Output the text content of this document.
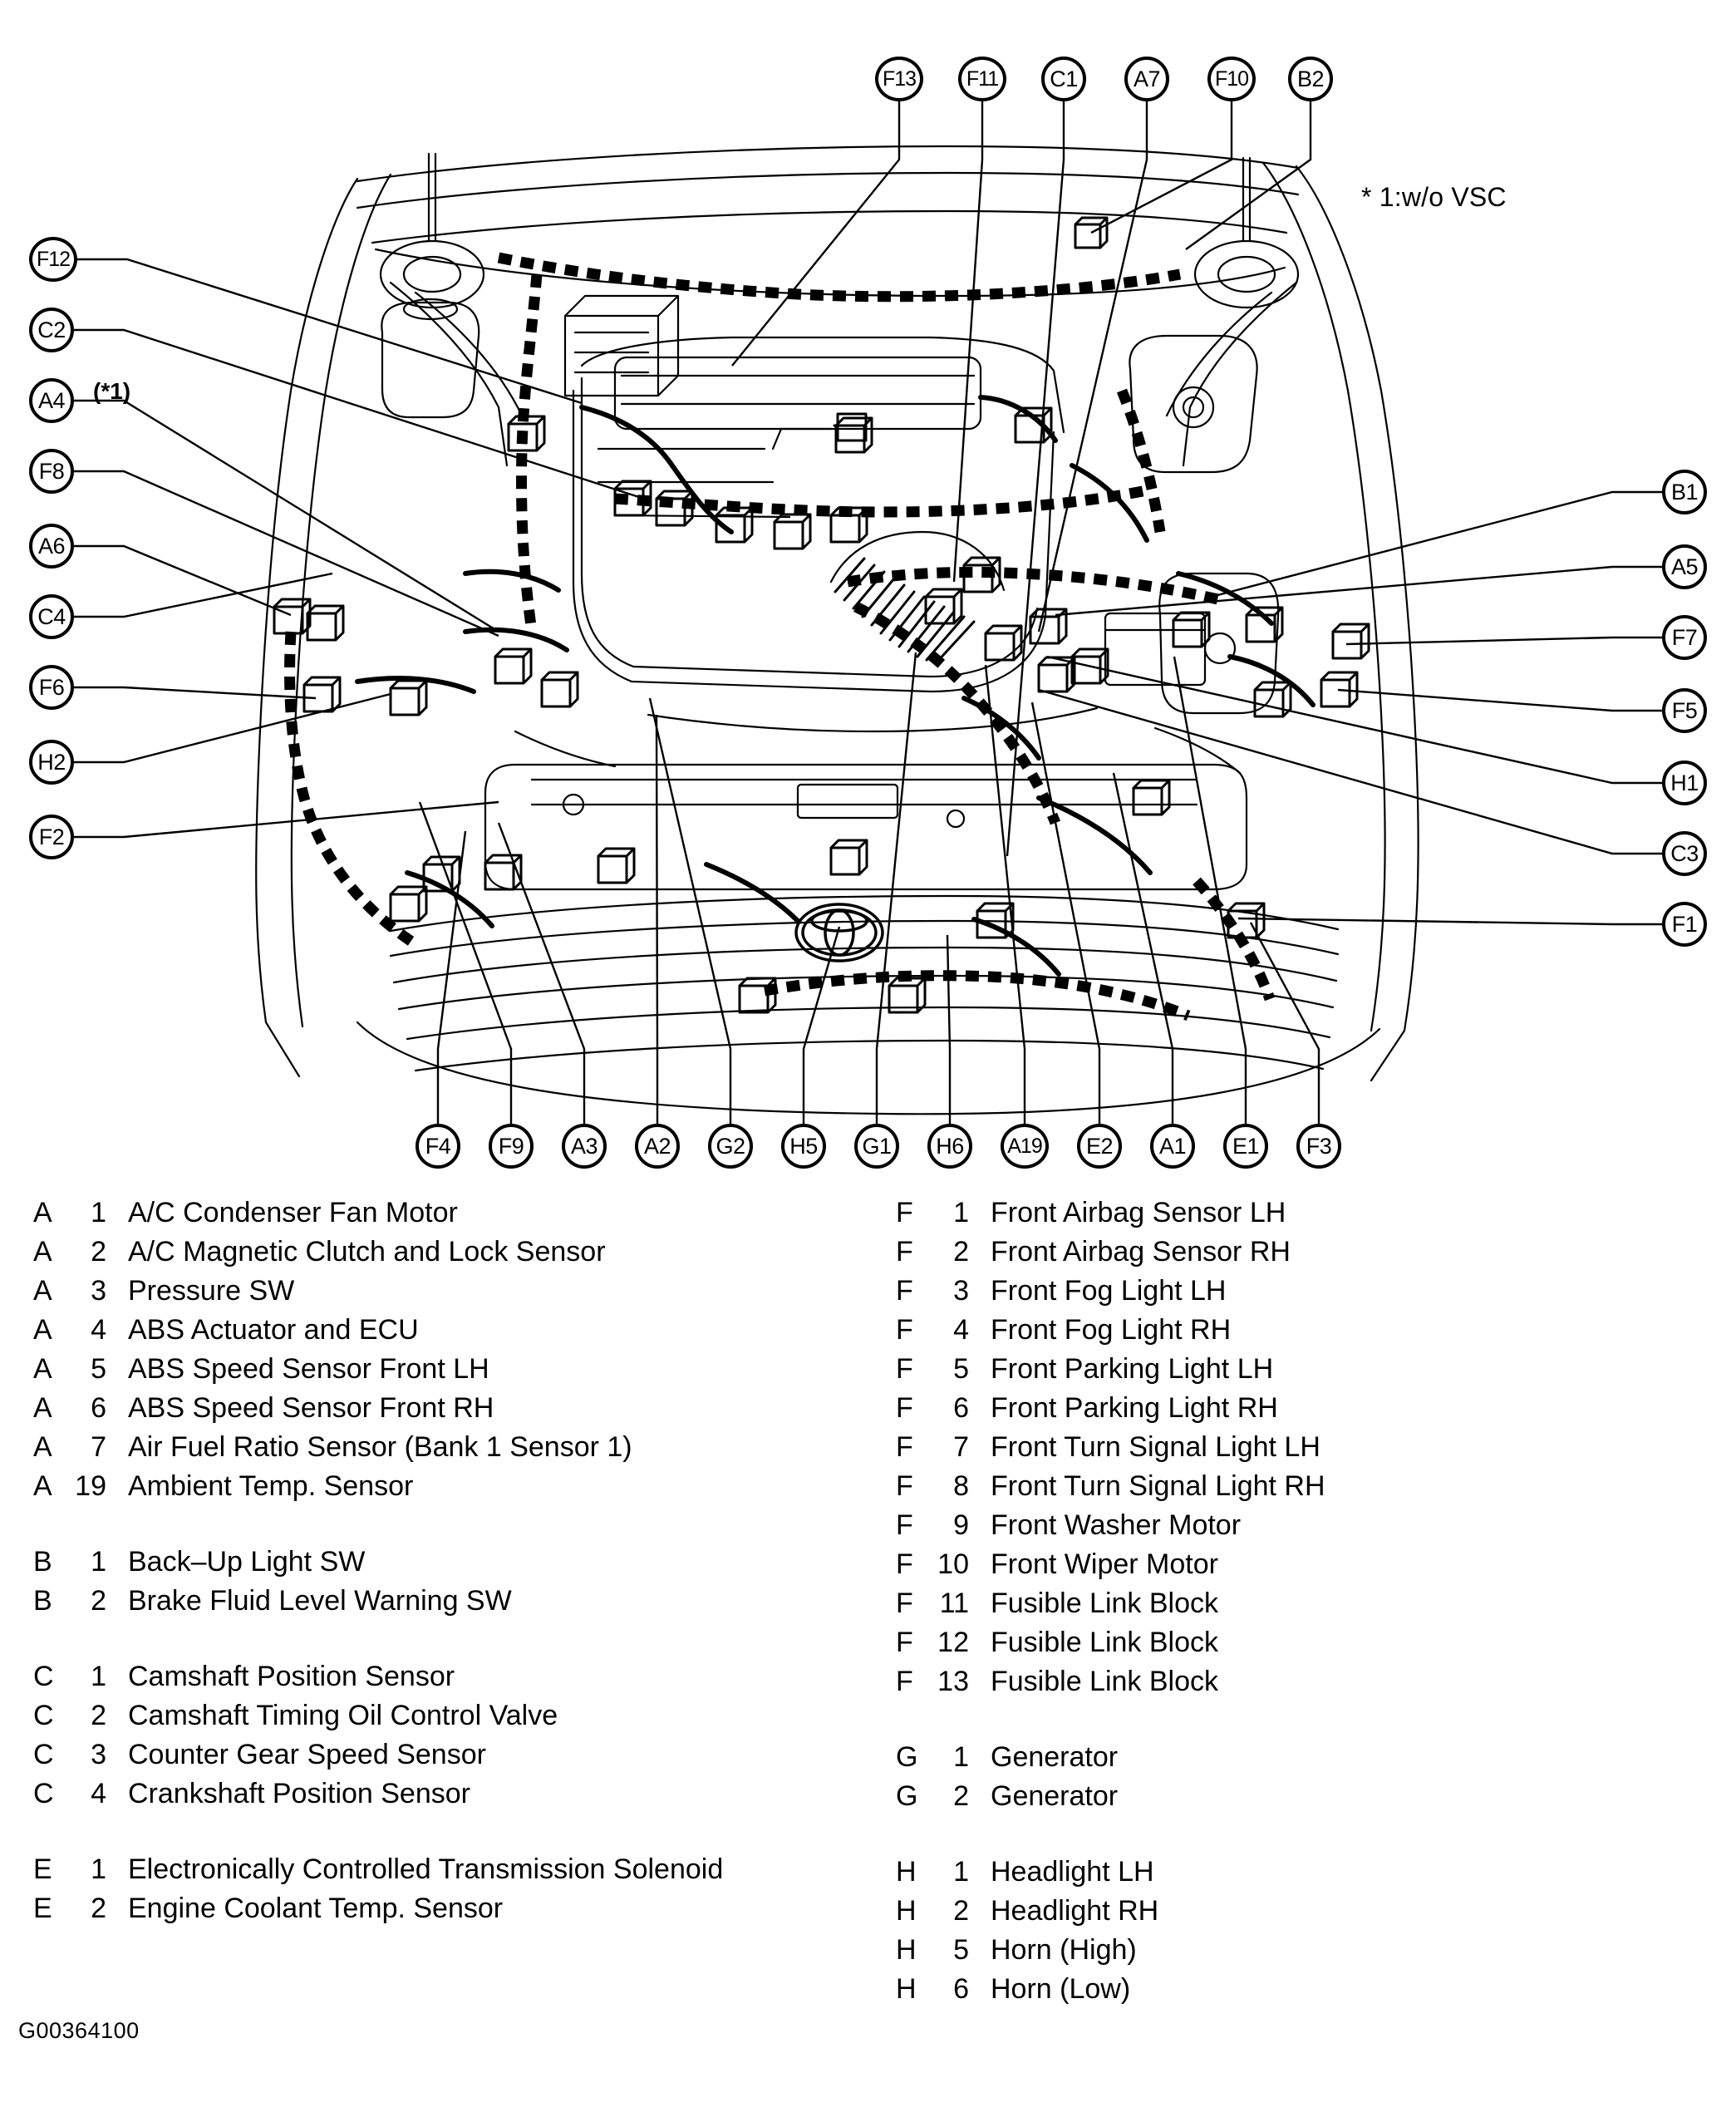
* 1:w/o VSC
(*1)
F13	F11	C1	A7	F10	B2
F12
C2
A4
F8
A6
C4
F6
H2
F2
B1
A5
F7
F5
H1
C3
F1
F4	F9	A3	A2	G2	H5	G1	H6	A19	E2	A1	E1	F3
A	1 A/C Condenser Fan Motor
A	2 A/C Magnetic Clutch and Lock Sensor
A	3 Pressure SW
A	4 ABS Actuator and ECU
A	5 ABS Speed Sensor Front LH
A	6 ABS Speed Sensor Front RH
A	7 Air Fuel Ratio Sensor (Bank 1 Sensor 1)
A 19 Ambient Temp. Sensor
B	1 Back–Up Light SW
B	2 Brake Fluid Level Warning SW
C	1 Camshaft Position Sensor
C	2 Camshaft Timing Oil Control Valve
C	3 Counter Gear Speed Sensor
C	4 Crankshaft Position Sensor
E	1 Electronically Controlled Transmission Solenoid
E	2 Engine Coolant Temp. Sensor
F	1 Front Airbag Sensor LH
F	2 Front Airbag Sensor RH
F	3 Front Fog Light LH
F	4 Front Fog Light RH
F	5 Front Parking Light LH
F	6 Front Parking Light RH
F	7 Front Turn Signal Light LH
F	8 Front Turn Signal Light RH
F	9 Front Washer Motor
F 10 Front Wiper Motor
F 11 Fusible Link Block
F 12 Fusible Link Block
F 13 Fusible Link Block
G	1 Generator
G	2 Generator
H	1 Headlight LH
H	2 Headlight RH
H	5 Horn (High)
H	6 Horn (Low)
G00364100
